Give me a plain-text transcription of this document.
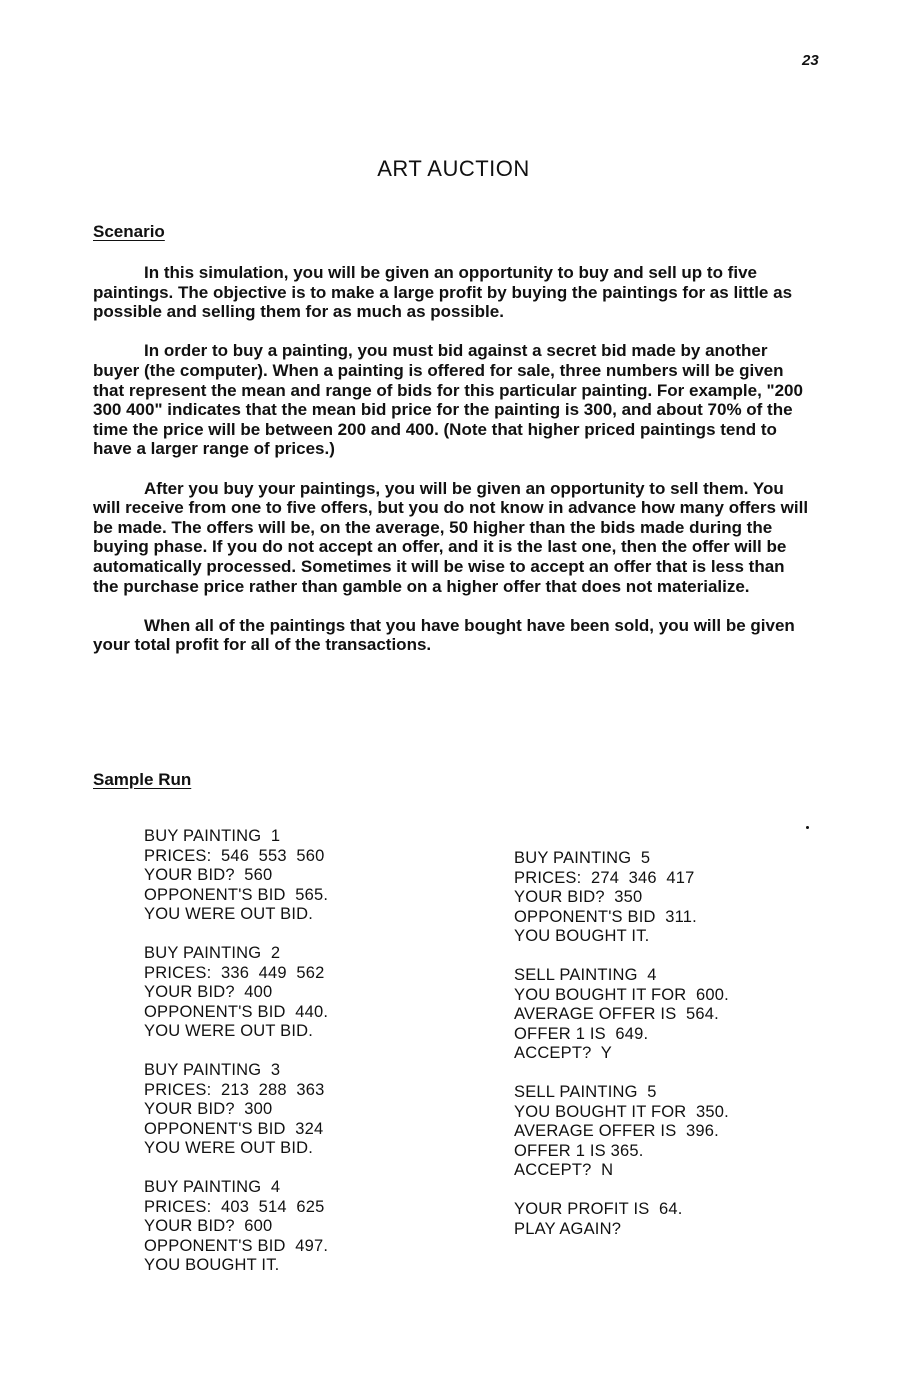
23
ART AUCTION
Scenario

In this simulation, you will be given an opportunity to buy and sell up to five paintings. The objective is to make a large profit by buying the paintings for as little as possible and selling them for as much as possible.

In order to buy a painting, you must bid against a secret bid made by another buyer (the computer). When a painting is offered for sale, three numbers will be given that represent the mean and range of bids for this particular painting. For example, "200 300 400" indicates that the mean bid price for the painting is 300, and about 70% of the time the price will be between 200 and 400. (Note that higher priced paintings tend to have a larger range of prices.)

After you buy your paintings, you will be given an opportunity to sell them. You will receive from one to five offers, but you do not know in advance how many offers will be made. The offers will be, on the average, 50 higher than the bids made during the buying phase. If you do not accept an offer, and it is the last one, then the offer will be automatically processed. Sometimes it will be wise to accept an offer that is less than the purchase price rather than gamble on a higher offer that does not materialize.

When all of the paintings that you have bought have been sold, you will be given your total profit for all of the transactions.

Sample Run
BUY PAINTING  1
PRICES:  546  553  560
YOUR BID?  560
OPPONENT'S BID  565.
YOU WERE OUT BID.
BUY PAINTING  2
PRICES:  336  449  562
YOUR BID?  400
OPPONENT'S BID  440.
YOU WERE OUT BID.
BUY PAINTING  3
PRICES:  213  288  363
YOUR BID?  300
OPPONENT'S BID  324
YOU WERE OUT BID.
BUY PAINTING  4
PRICES:  403  514  625
YOUR BID?  600
OPPONENT'S BID  497.
YOU BOUGHT IT.
BUY PAINTING  5
PRICES:  274  346  417
YOUR BID?  350
OPPONENT'S BID  311.
YOU BOUGHT IT.
SELL PAINTING  4
YOU BOUGHT IT FOR  600.
AVERAGE OFFER IS  564.
OFFER 1 IS  649.
ACCEPT?  Y
SELL PAINTING  5
YOU BOUGHT IT FOR  350.
AVERAGE OFFER IS  396.
OFFER 1 IS 365.
ACCEPT?  N
YOUR PROFIT IS  64.
PLAY AGAIN?
